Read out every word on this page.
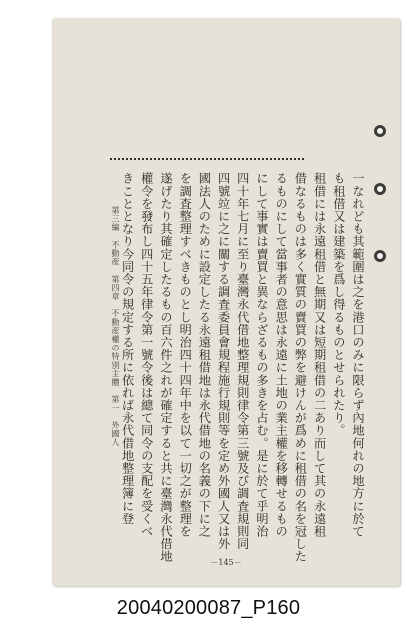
一なれども其範圍は之を港口のみに限らず內地何れの地方に於て

も租借又は建築を爲し得るものとせられたり。

租借には永遠租借と無期又は短期租借の二あり而して其の永遠租

借なるものは多く實質の賣買の弊を避けんが爲めに租借の名を冠した

るものにして當事者の意思は永遠に土地の業主權を移轉せるもの

にして事實は賣買と異ならざるもの多きを占む。是に於て乎明治

四十年七月に至り臺灣永代借地整理規則律令第三號及び調査規則同

四號竝に之に關する調査委員會規程施行規則等を定め外國人又は外

國法人のために設定したる永遠租借地は永代借地の名義の下に之

を調査整理すべきものとし明治四十四年中を以て一切之が整理を

遂げたり其確定したるもの百六件之れが確定すると共に臺灣永代借地

權令を發布し四十五年律令第一號令後は總て同令の支配を受くべ

きこととなり今同令の規定する所に依れば永代借地整理簿に登

第三編　不動産　第四章　不動産權の特別主體　第一　外國人
－145－
20040200087_P160
